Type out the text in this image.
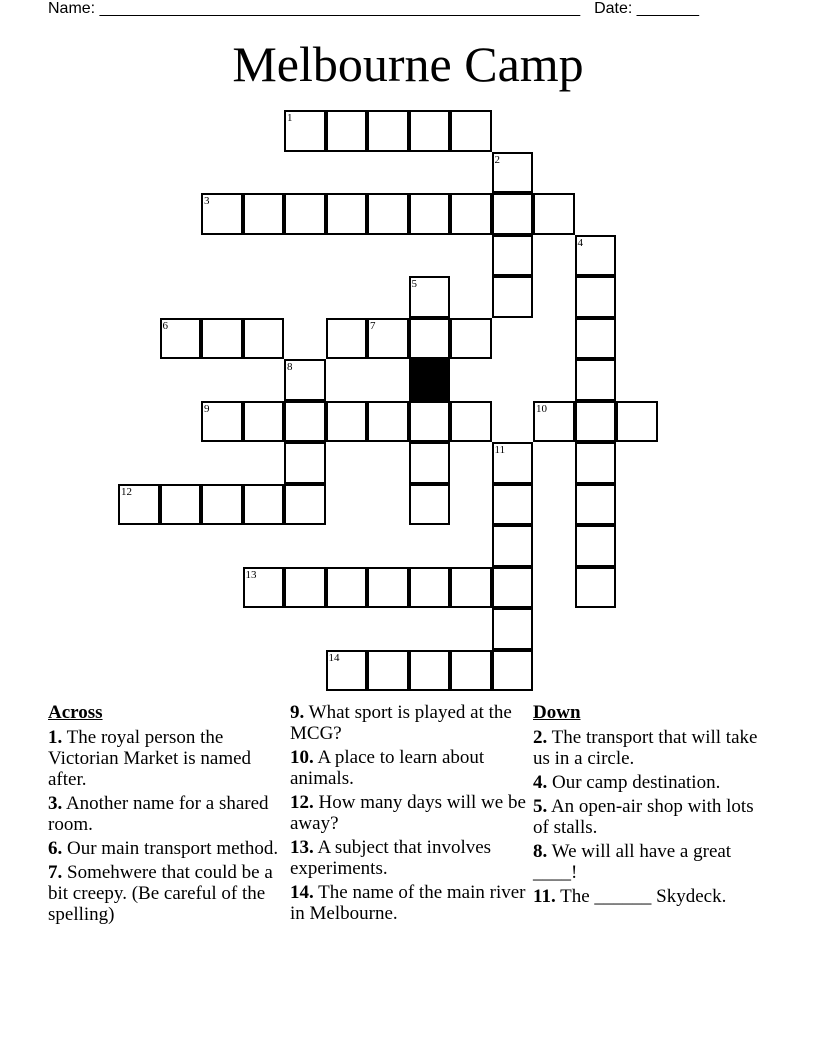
Name: ______________________________________________________ Date: _______
Melbourne Camp
1
2
3
4
5
6	7
8
9	10
11
12
13
14
Across
1. The royal person the Victorian Market is named after.
3. Another name for a shared room.
6. Our main transport method.
7. Somehwere that could be a bit creepy. (Be careful of the spelling)
9. What sport is played at the MCG?
10. A place to learn about animals.
12. How many days will we be away?
13. A subject that involves experiments.
14. The name of the main river in Melbourne.
Down
2. The transport that will take us in a circle.
4. Our camp destination.
5. An open-air shop with lots of stalls.
8. We will all have a great ____!
11. The ______ Skydeck.
